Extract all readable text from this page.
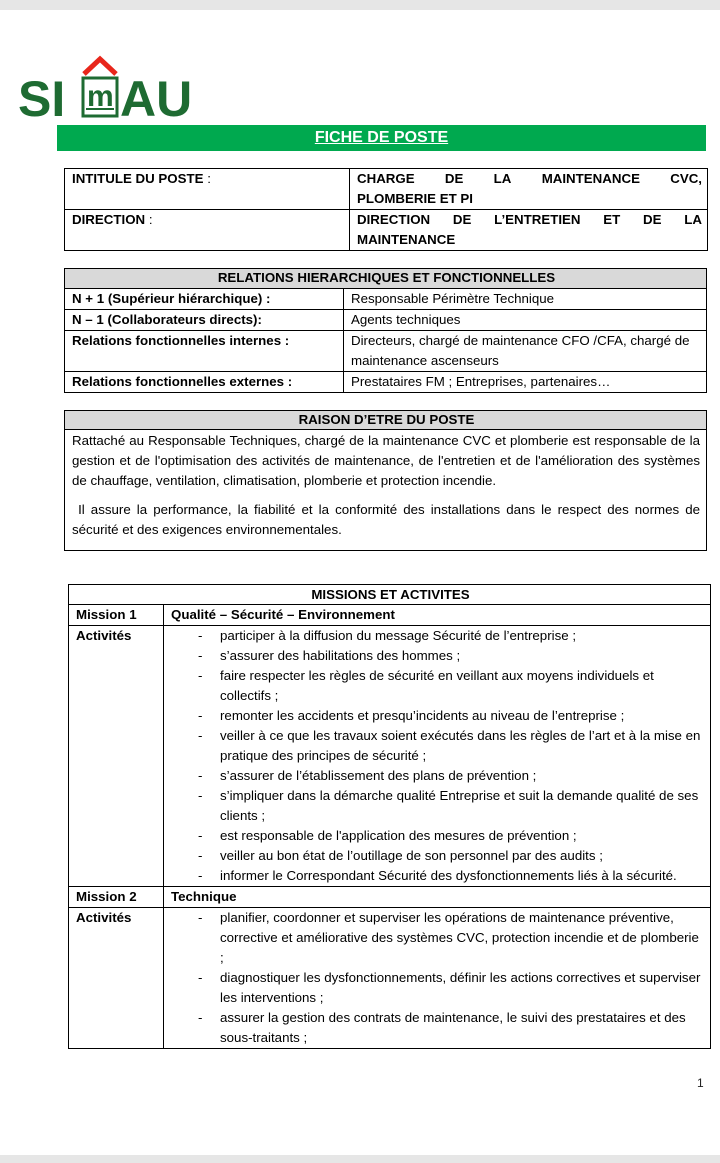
SI m AU
FICHE DE POSTE
INTITULE DU POSTE :	CHARGE DE LA MAINTENANCE CVC,
PLOMBERIE ET PI

DIRECTION :	DIRECTION DE L’ENTRETIEN ET DE LA
MAINTENANCE
RELATIONS HIERARCHIQUES ET FONCTIONNELLES	
N + 1 (Supérieur hiérarchique) :	Responsable Périmètre Technique
N – 1 (Collaborateurs directs):	Agents techniques
Relations fonctionnelles internes :	Directeurs, chargé de maintenance CFO /CFA, chargé de maintenance ascenseurs
Relations fonctionnelles externes :	Prestataires FM ; Entreprises, partenaires…
RAISON D’ETRE DU POSTE

Rattaché au Responsable Techniques, chargé de la maintenance CVC et plomberie est responsable de la gestion et de l'optimisation des activités de maintenance, de l'entretien et de l'amélioration des systèmes de chauffage, ventilation, climatisation, plomberie et protection incendie.

Il assure la performance, la fiabilité et la conformité des installations dans le respect des normes de sécurité et des exigences environnementales.

MISSIONS ET ACTIVITES	
Mission 1	Qualité – Sécurité – Environnement
Activités	
-participer à la diffusion du message Sécurité de l’entreprise ;
- s’assurer des habilitations des hommes ;
- faire respecter les règles de sécurité en veillant aux moyens individuels et collectifs ;
- remonter les accidents et presqu’incidents au niveau de l’entreprise ;
- veiller à ce que les travaux soient exécutés dans les règles de l’art et à la mise en pratique des principes de sécurité ;
- s’assurer de l’établissement des plans de prévention ;
- s’impliquer dans la démarche qualité Entreprise et suit la demande qualité de ses clients ;
- est responsable de l'application des mesures de prévention ;
- veiller au bon état de l’outillage de son personnel par des audits ;
- informer le Correspondant Sécurité des dysfonctionnements liés à la sécurité.

Mission 2	Technique
Activités	
-planifier, coordonner et superviser les opérations de maintenance préventive, corrective et améliorative des systèmes CVC, protection incendie et de plomberie ;
- diagnostiquer les dysfonctionnements, définir les actions correctives et superviser les interventions ;
- assurer la gestion des contrats de maintenance, le suivi des prestataires et des sous-traitants ;
1
